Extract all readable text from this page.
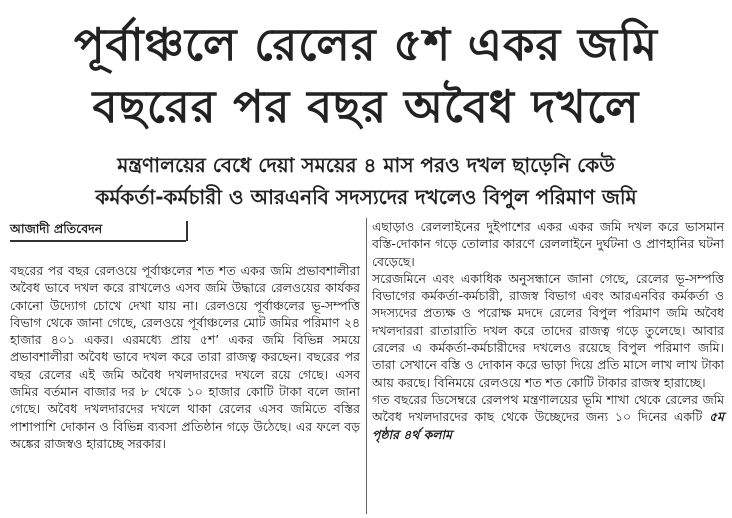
পূর্বাঞ্চলে রেলের ৫শ একর জমি
বছরের পর বছর অবৈধ দখলে
মন্ত্রণালয়ের বেধে দেয়া সময়ের ৪ মাস পরও দখল ছাড়েনি কেউ
কর্মকর্তা-কর্মচারী ও আরএনবি সদস্যদের দখলেও বিপুল পরিমাণ জমি
আজাদী প্রতিবেদন

বছরের পর বছর রেলওয়ে পূর্বাঞ্চলের শত শত একর জমি প্রভাবশালীরা অবৈধ ভাবে দখল করে রাখলেও এসব জমি উদ্ধারে রেলওয়ের কার্যকর কোনো উদ্যোগ চোখে দেখা যায় না। রেলওয়ে পূর্বাঞ্চলের ভূ-সম্পত্তি বিভাগ থেকে জানা গেছে, রেলওয়ে পূর্বাঞ্চলের মোট জমির পরিমাণ ২৪ হাজার ৪০১ একর। এরমধ্যে প্রায় ৫শ’ একর জমি বিভিন্ন সময়ে প্রভাবশালীরা অবৈধ ভাবে দখল করে তারা রাজত্ব করছেন। বছরের পর বছর রেলের এই জমি অবৈধ দখলদারদের দখলে রয়ে গেছে। এসব জমির বর্তমান বাজার দর ৮ থেকে ১০ হাজার কোটি টাকা বলে জানা গেছে। অবৈধ দখলদারদের দখলে থাকা রেলের এসব জমিতে বস্তির পাশাপাশি দোকান ও বিভিন্ন ব্যবসা প্রতিষ্ঠান গড়ে উঠেছে। এর ফলে বড় অঙ্কের রাজস্বও হারাচ্ছে সরকার।

এছাড়াও রেললাইনের দুইপাশের একর একর জমি দখল করে ভাসমান বস্তি-দোকান গড়ে তোলার কারণে রেললাইনে দুর্ঘটনা ও প্রাণহানির ঘটনা বেড়েছে।

সরেজমিনে এবং একাধিক অনুসন্ধানে জানা গেছে, রেলের ভূ-সম্পত্তি বিভাগের কর্মকর্তা-কর্মচারী, রাজস্ব বিভাগ এবং আরএনবির কর্মকর্তা ও সদস্যদের প্রত্যক্ষ ও পরোক্ষ মদদে রেলের বিপুল পরিমাণ জমি অবৈধ দখলদাররা রাতারাতি দখল করে তাদের রাজত্ব গড়ে তুলেছে। আবার রেলের এ কর্মকর্তা-কর্মচারীদের দখলেও রয়েছে বিপুল পরিমাণ জমি। তারা সেখানে বস্তি ও দোকান করে ভাড়া দিয়ে প্রতি মাসে লাখ লাখ টাকা আয় করছে। বিনিময়ে রেলওয়ে শত শত কোটি টাকার রাজস্ব হারাচ্ছে।

গত বছরের ডিসেম্বরে রেলপথ মন্ত্রণালয়ের ভূমি শাখা থেকে রেলের জমি অবৈধ দখলদারদের কাছ থেকে উচ্ছেদের জন্য ১০ দিনের একটি ৫ম পৃষ্ঠার ৪র্থ কলাম
